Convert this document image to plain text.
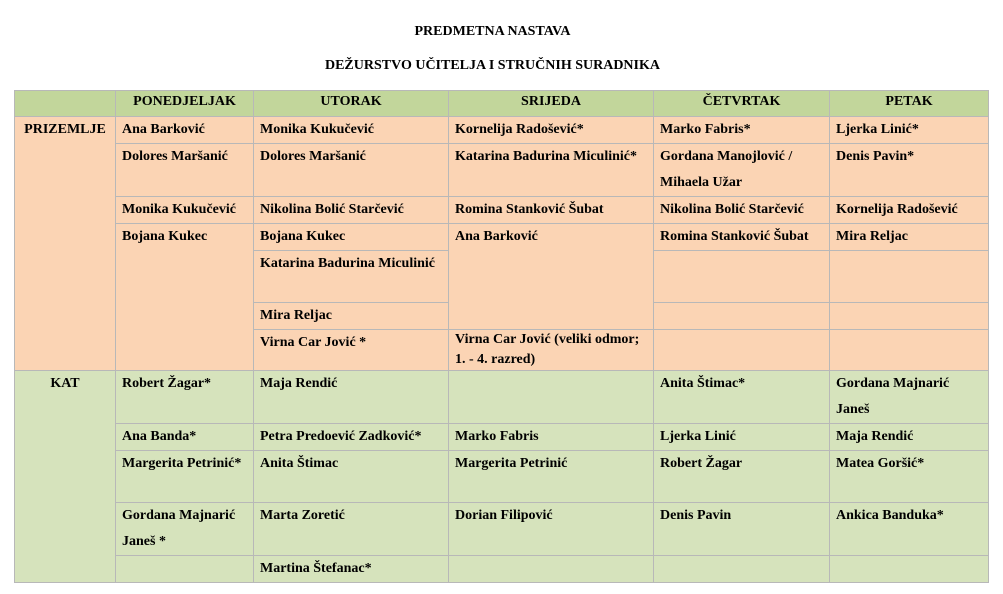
PREDMETNA NASTAVA
DEŽURSTVO UČITELJA I STRUČNIH SURADNIKA
	PONEDJELJAK	UTORAK	SRIJEDA	ČETVRTAK	PETAK
PRIZEMLJE	Ana Barković	Monika Kukučević	Kornelija Radošević*	Marko Fabris*	Ljerka Linić*
	Dolores Maršanić	Dolores Maršanić	Katarina Badurina Miculinić*	Gordana Manojlović / Mihaela Užar	Denis Pavin*
	Monika Kukučević	Nikolina Bolić Starčević	Romina Stanković Šubat	Nikolina Bolić Starčević	Kornelija Radošević
	Bojana Kukec	Bojana Kukec	Ana Barković	Romina Stanković Šubat	Mira Reljac
		Katarina Badurina Miculinić			

		Mira Reljac			
		Virna Car Jović *	Virna Car Jović (veliki odmor; 1. - 4. razred)		

KAT	Robert Žagar*	Maja Rendić		Anita Štimac*	Gordana Majnarić Janeš
	Ana Banda*	Petra Predoević Zadković*	Marko Fabris	Ljerka Linić	Maja Rendić
	Margerita Petrinić*	Anita Štimac	Margerita Petrinić	Robert Žagar	Matea Goršić*
	Gordana Majnarić Janeš *	Marta Zoretić	Dorian Filipović	Denis Pavin	Ankica Banduka*
		Martina Štefanac*			
